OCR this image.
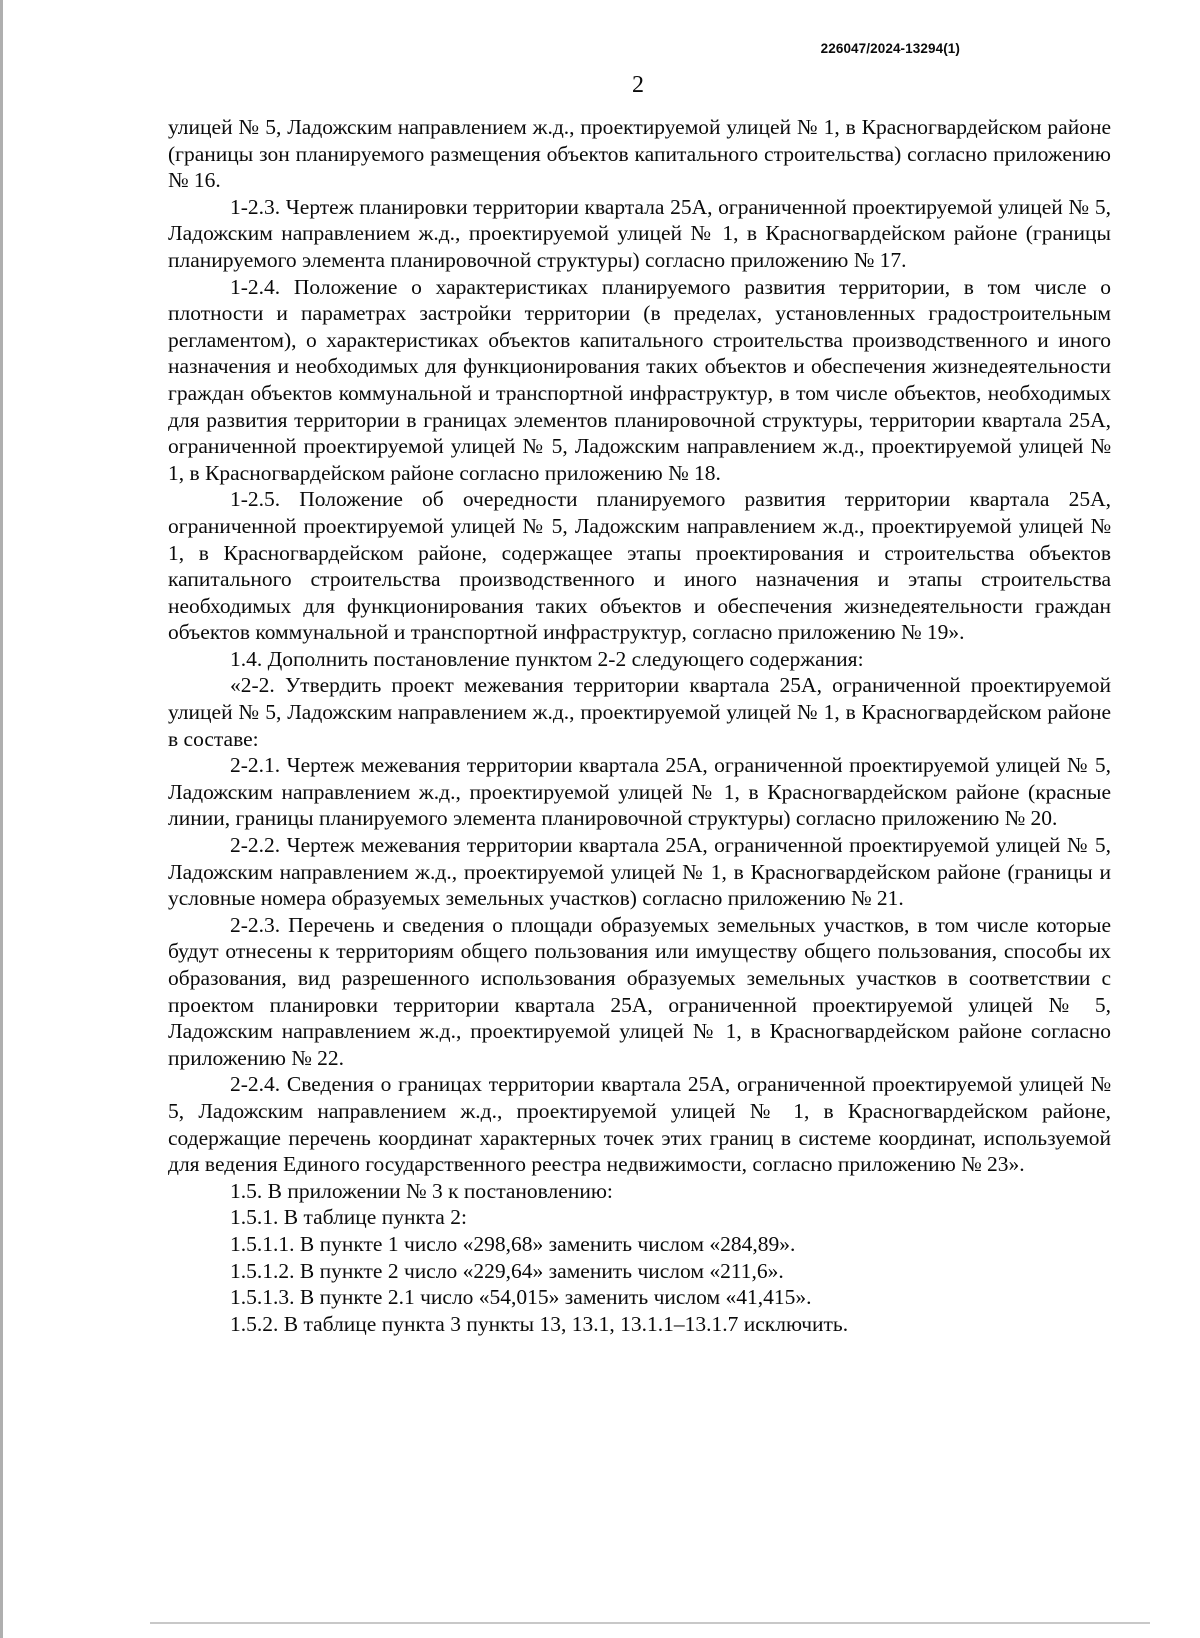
226047/2024-13294(1)
2

улицей № 5, Ладожским направлением ж.д., проектируемой улицей № 1, в Красногвардейском районе (границы зон планируемого размещения объектов капитального строительства) согласно приложению № 16.

1-2.3. Чертеж планировки территории квартала 25А, ограниченной проектируемой улицей № 5, Ладожским направлением ж.д., проектируемой улицей № 1, в Красногвардейском районе (границы планируемого элемента планировочной структуры) согласно приложению № 17.

1-2.4. Положение о характеристиках планируемого развития территории, в том числе о плотности и параметрах застройки территории (в пределах, установленных градостроительным регламентом), о характеристиках объектов капитального строительства производственного и иного назначения и необходимых для функционирования таких объектов и обеспечения жизнедеятельности граждан объектов коммунальной и транспортной инфраструктур, в том числе объектов, необходимых для развития территории в границах элементов планировочной структуры, территории квартала 25А, ограниченной проектируемой улицей № 5, Ладожским направлением ж.д., проектируемой улицей № 1, в Красногвардейском районе согласно приложению № 18.

1-2.5. Положение об очередности планируемого развития территории квартала 25А, ограниченной проектируемой улицей № 5, Ладожским направлением ж.д., проектируемой улицей № 1, в Красногвардейском районе, содержащее этапы проектирования и строительства объектов капитального строительства производственного и иного назначения и этапы строительства необходимых для функционирования таких объектов и обеспечения жизнедеятельности граждан объектов коммунальной и транспортной инфраструктур, согласно приложению № 19».

1.4. Дополнить постановление пунктом 2-2 следующего содержания:

«2-2. Утвердить проект межевания территории квартала 25А, ограниченной проектируемой улицей № 5, Ладожским направлением ж.д., проектируемой улицей № 1, в Красногвардейском районе в составе:

2-2.1. Чертеж межевания территории квартала 25А, ограниченной проектируемой улицей № 5, Ладожским направлением ж.д., проектируемой улицей № 1, в Красногвардейском районе (красные линии, границы планируемого элемента планировочной структуры) согласно приложению № 20.

2-2.2. Чертеж межевания территории квартала 25А, ограниченной проектируемой улицей № 5, Ладожским направлением ж.д., проектируемой улицей № 1, в Красногвардейском районе (границы и условные номера образуемых земельных участков) согласно приложению № 21.

2-2.3. Перечень и сведения о площади образуемых земельных участков, в том числе которые будут отнесены к территориям общего пользования или имуществу общего пользования, способы их образования, вид разрешенного использования образуемых земельных участков в соответствии с проектом планировки территории квартала 25А, ограниченной проектируемой улицей № 5, Ладожским направлением ж.д., проектируемой улицей № 1, в Красногвардейском районе согласно приложению № 22.

2-2.4. Сведения о границах территории квартала 25А, ограниченной проектируемой улицей № 5, Ладожским направлением ж.д., проектируемой улицей № 1, в Красногвардейском районе, содержащие перечень координат характерных точек этих границ в системе координат, используемой для ведения Единого государственного реестра недвижимости, согласно приложению № 23».

1.5. В приложении № 3 к постановлению:

1.5.1. В таблице пункта 2:

1.5.1.1. В пункте 1 число «298,68» заменить числом «284,89».

1.5.1.2. В пункте 2 число «229,64» заменить числом «211,6».

1.5.1.3. В пункте 2.1 число «54,015» заменить числом «41,415».

1.5.2. В таблице пункта 3 пункты 13, 13.1, 13.1.1–13.1.7 исключить.
